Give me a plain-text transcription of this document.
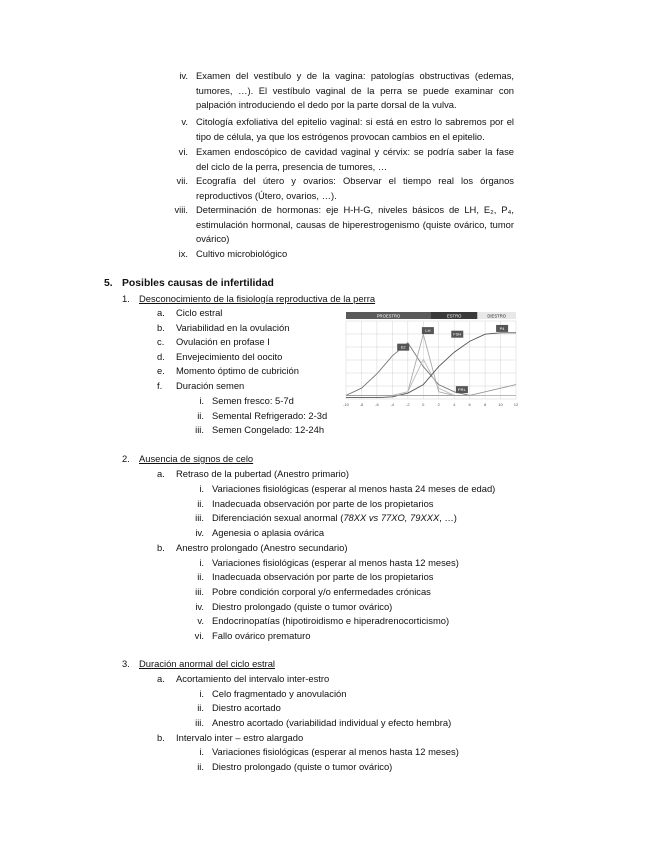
iv. Examen del vestíbulo y de la vagina: patologías obstructivas (edemas, tumores, …). El vestíbulo vaginal de la perra se puede examinar con palpación introduciendo el dedo por la parte dorsal de la vulva.
v. Citología exfoliativa del epitelio vaginal: si está en estro lo sabremos por el tipo de célula, ya que los estrógenos provocan cambios en el epitelio.
vi. Examen endoscópico de cavidad vaginal y cérvix: se podría saber la fase del ciclo de la perra, presencia de tumores, …
vii. Ecografía del útero y ovarios: Observar el tiempo real los órganos reproductivos (Útero, ovarios, …).
viii. Determinación de hormonas: eje H-H-G, niveles básicos de LH, E₂, P₄, estimulación hormonal, causas de hiperestrogenismo (quiste ovárico, tumor ovárico)
ix. Cultivo microbiológico
5. Posibles causas de infertilidad
1. Desconocimiento de la fisiología reproductiva de la perra
a. Ciclo estral
b. Variabilidad en la ovulación
c. Ovulación en profase I
d. Envejecimiento del oocito
e. Momento óptimo de cubrición
f. Duración semen
i. Semen fresco: 5-7d
ii. Semental Refrigerado: 2-3d
iii. Semen Congelado: 12-24h
PROESTRO	ESTRO	DIESTRO
E2
LH
FSH
P4
PRL
-10	-8	-6	-4	-2	0	2	4	6	8	10	12
2. Ausencia de signos de celo
a. Retraso de la pubertad (Anestro primario)
i. Variaciones fisiológicas (esperar al menos hasta 24 meses de edad)
ii. Inadecuada observación por parte de los propietarios
iii. Diferenciación sexual anormal (78XX vs 77XO, 79XXX, …)
iv. Agenesia o aplasia ovárica
b. Anestro prolongado (Anestro secundario)
i. Variaciones fisiológicas (esperar al menos hasta 12 meses)
ii. Inadecuada observación por parte de los propietarios
iii. Pobre condición corporal y/o enfermedades crónicas
iv. Diestro prolongado (quiste o tumor ovárico)
v. Endocrinopatías (hipotiroidismo e hiperadrenocorticismo)
vi. Fallo ovárico prematuro
3. Duración anormal del ciclo estral
a. Acortamiento del intervalo inter-estro
i. Celo fragmentado y anovulación
ii. Diestro acortado
iii. Anestro acortado (variabilidad individual y efecto hembra)
b. Intervalo inter – estro alargado
i. Variaciones fisiológicas (esperar al menos hasta 12 meses)
ii. Diestro prolongado (quiste o tumor ovárico)
